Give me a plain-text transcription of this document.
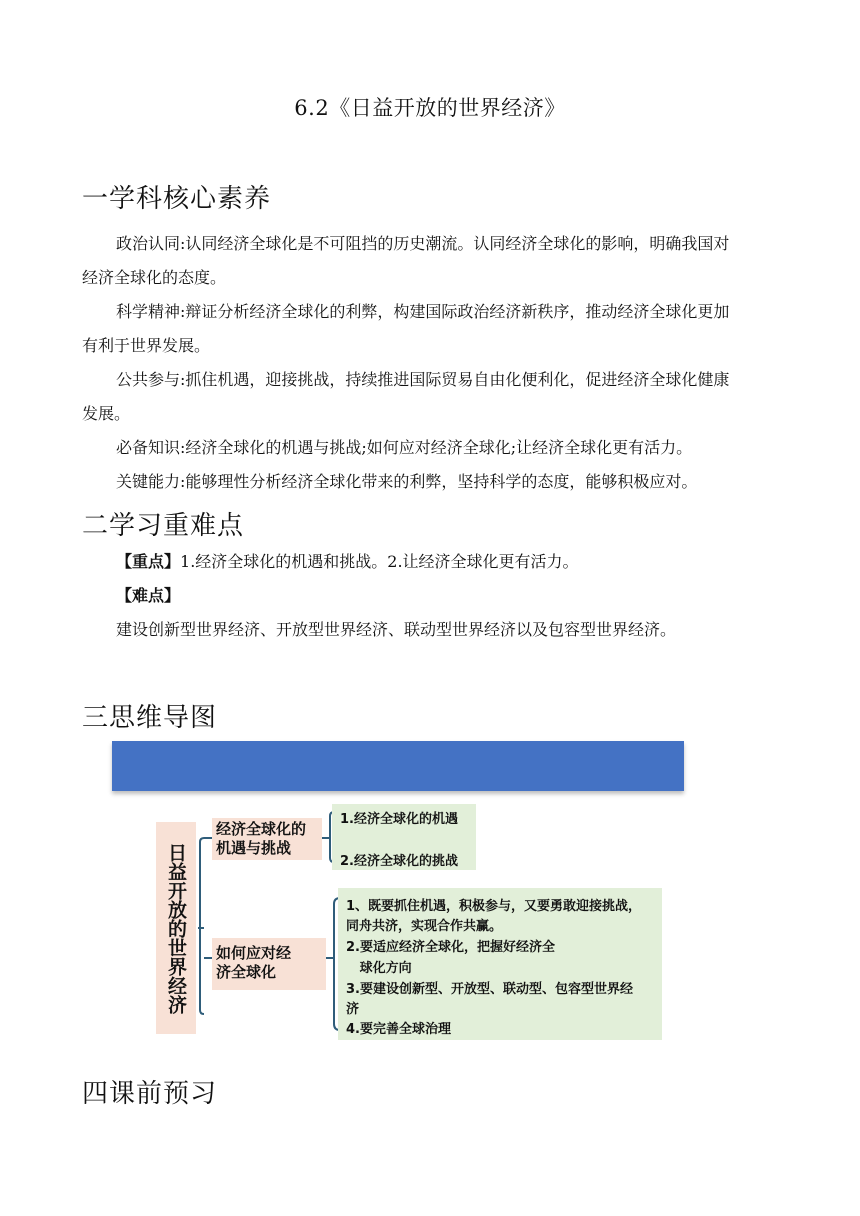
6.2《日益开放的世界经济》
一学科核心素养
政治认同:认同经济全球化是不可阻挡的历史潮流。认同经济全球化的影响，明确我国对
经济全球化的态度。
科学精神:辩证分析经济全球化的利弊，构建国际政治经济新秩序，推动经济全球化更加
有利于世界发展。
公共参与:抓住机遇，迎接挑战，持续推进国际贸易自由化便利化，促进经济全球化健康
发展。
必备知识:经济全球化的机遇与挑战;如何应对经济全球化;让经济全球化更有活力。
关键能力:能够理性分析经济全球化带来的利弊，坚持科学的态度，能够积极应对。
二学习重难点
【重点】1.经济全球化的机遇和挑战。2.让经济全球化更有活力。
【难点】
建设创新型世界经济、开放型世界经济、联动型世界经济以及包容型世界经济。
三思维导图
日益开放的世界经济
经济全球化的
机遇与挑战
1.经济全球化的机遇
2.经济全球化的挑战
如何应对经
济全球化
1、既要抓住机遇，积极参与，又要勇敢迎接挑战，
同舟共济，实现合作共赢。
2.要适应经济全球化，把握好经济全
球化方向
3.要建设创新型、开放型、联动型、包容型世界经
济
4.要完善全球治理
四课前预习
